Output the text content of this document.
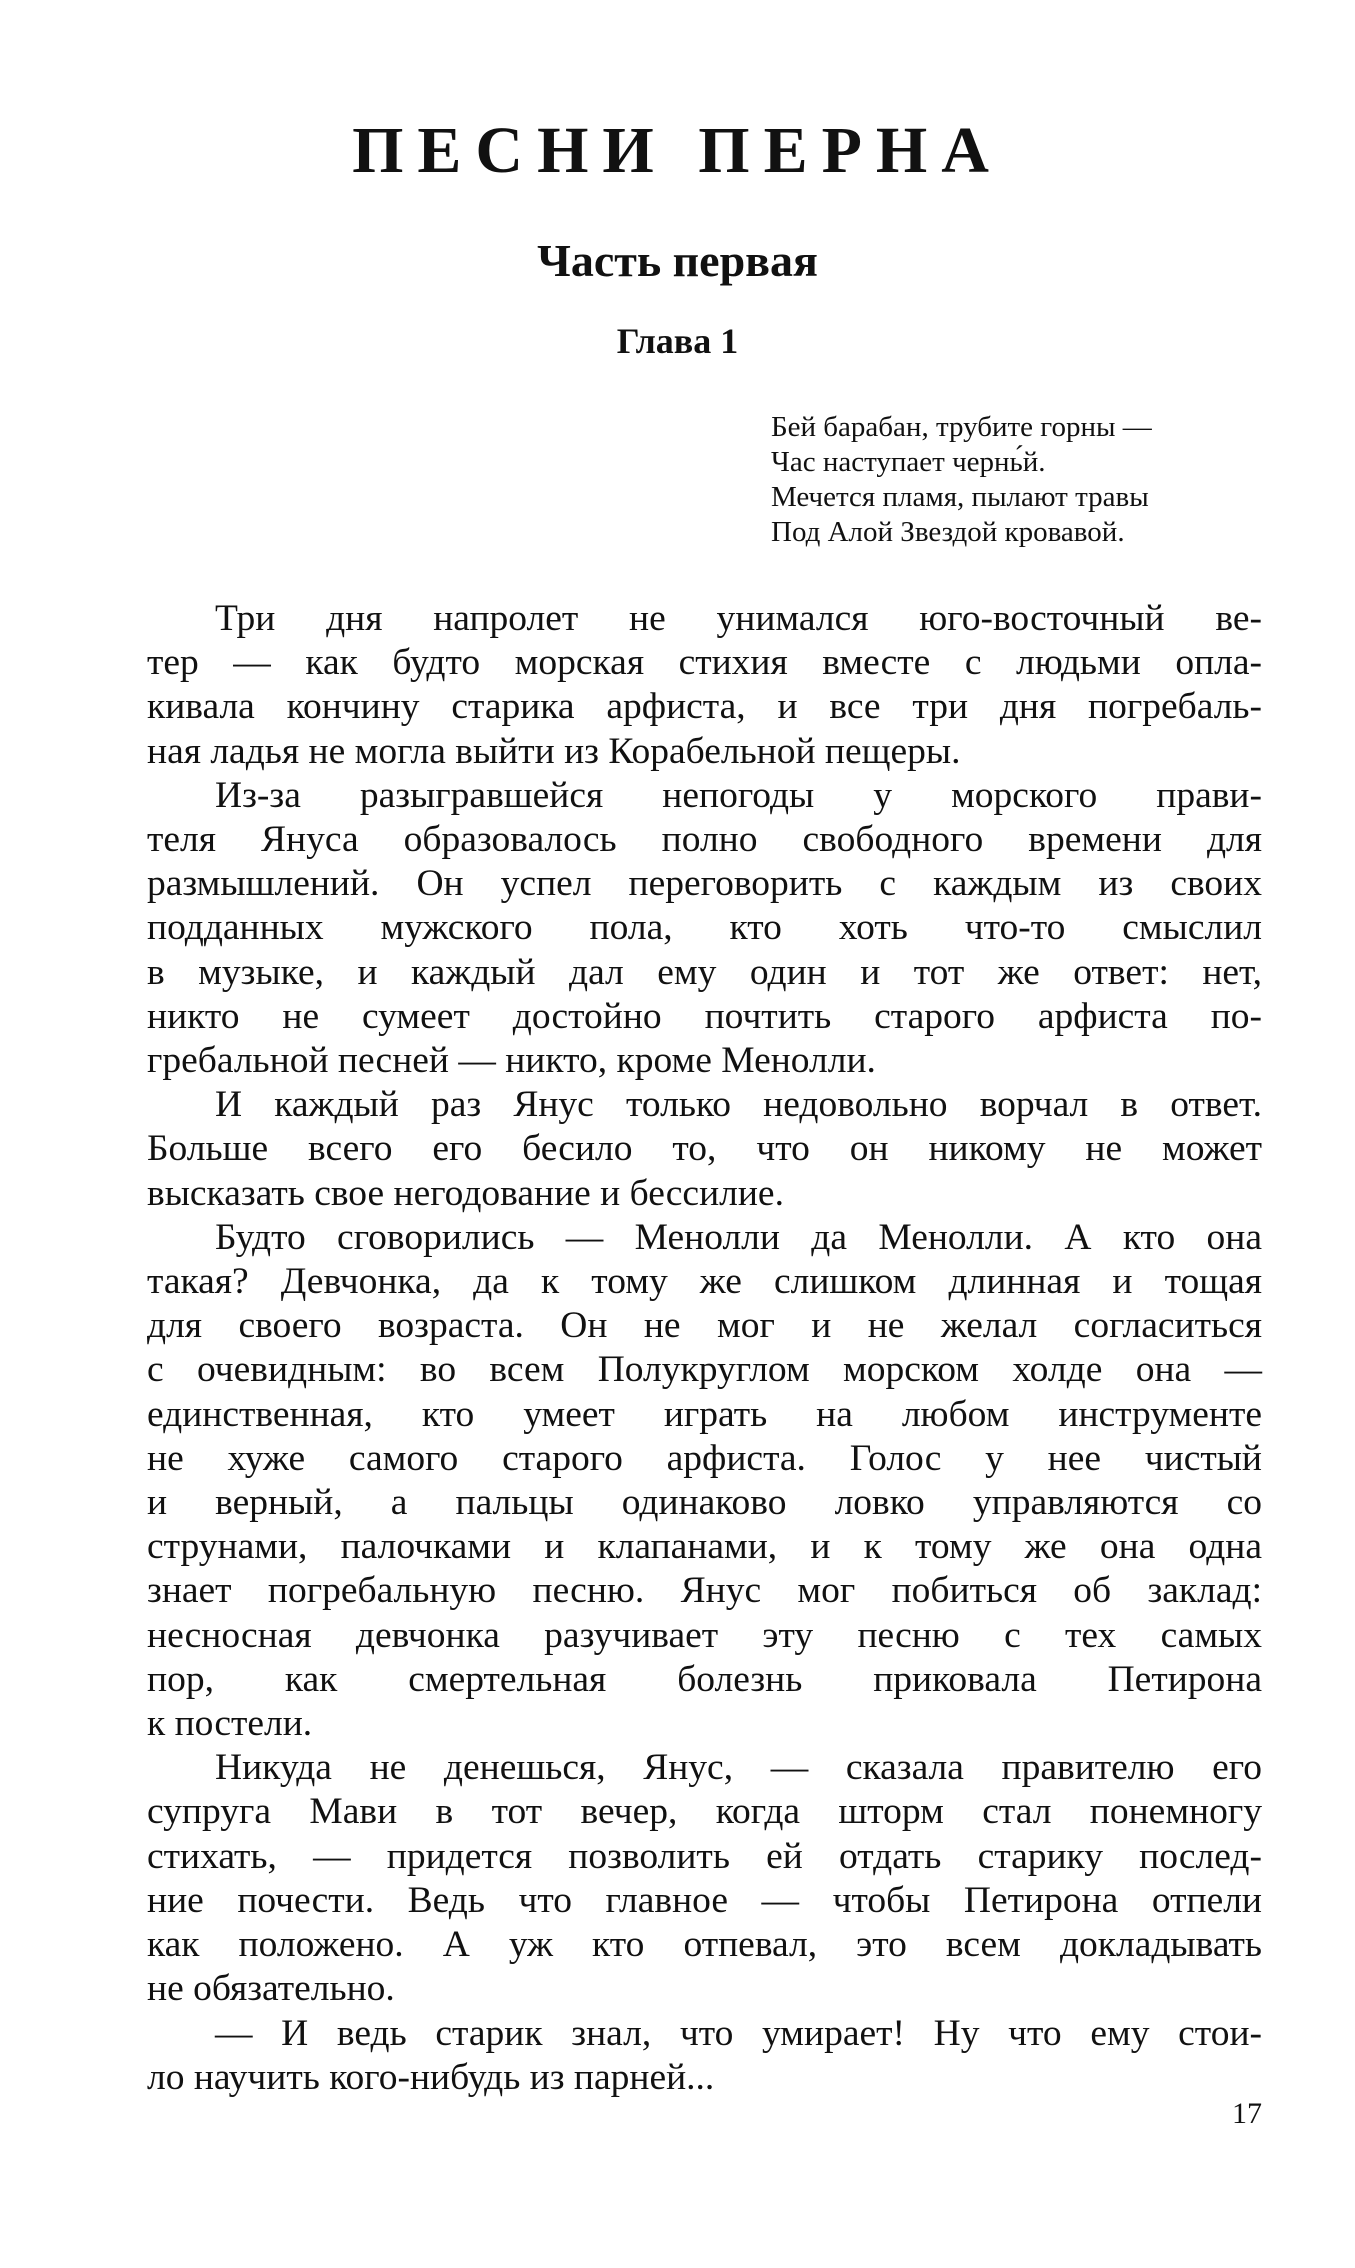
ПЕСНИ ПЕРНА
Часть первая
Глава 1
Бей барабан, трубите горны —
Час наступает чернь́й.
Мечется пламя, пылают травы
Под Алой Звездой кровавой.
Три дня напролет не унимался юго-восточный ве-
тер — как будто морская стихия вместе с людьми опла-
кивала кончину старика арфиста, и все три дня погребаль-
ная ладья не могла выйти из Корабельной пещеры.
Из-за разыгравшейся непогоды у морского прави-
теля Януса образовалось полно свободного времени для
размышлений. Он успел переговорить с каждым из своих
подданных мужского пола, кто хоть что-то смыслил
в музыке, и каждый дал ему один и тот же ответ: нет,
никто не сумеет достойно почтить старого арфиста по-
гребальной песней — никто, кроме Менолли.
И каждый раз Янус только недовольно ворчал в ответ.
Больше всего его бесило то, что он никому не может
высказать свое негодование и бессилие.
Будто сговорились — Менолли да Менолли. А кто она
такая? Девчонка, да к тому же слишком длинная и тощая
для своего возраста. Он не мог и не желал согласиться
с очевидным: во всем Полукруглом морском холде она —
единственная, кто умеет играть на любом инструменте
не хуже самого старого арфиста. Голос у нее чистый
и верный, а пальцы одинаково ловко управляются со
струнами, палочками и клапанами, и к тому же она одна
знает погребальную песню. Янус мог побиться об заклад:
несносная девчонка разучивает эту песню с тех самых
пор, как смертельная болезнь приковала Петирона
к постели.
Никуда не денешься, Янус, — сказала правителю его
супруга Мави в тот вечер, когда шторм стал понемногу
стихать, — придется позволить ей отдать старику послед-
ние почести. Ведь что главное — чтобы Петирона отпели
как положено. А уж кто отпевал, это всем докладывать
не обязательно.
— И ведь старик знал, что умирает! Ну что ему стои-
ло научить кого-нибудь из парней...
17
